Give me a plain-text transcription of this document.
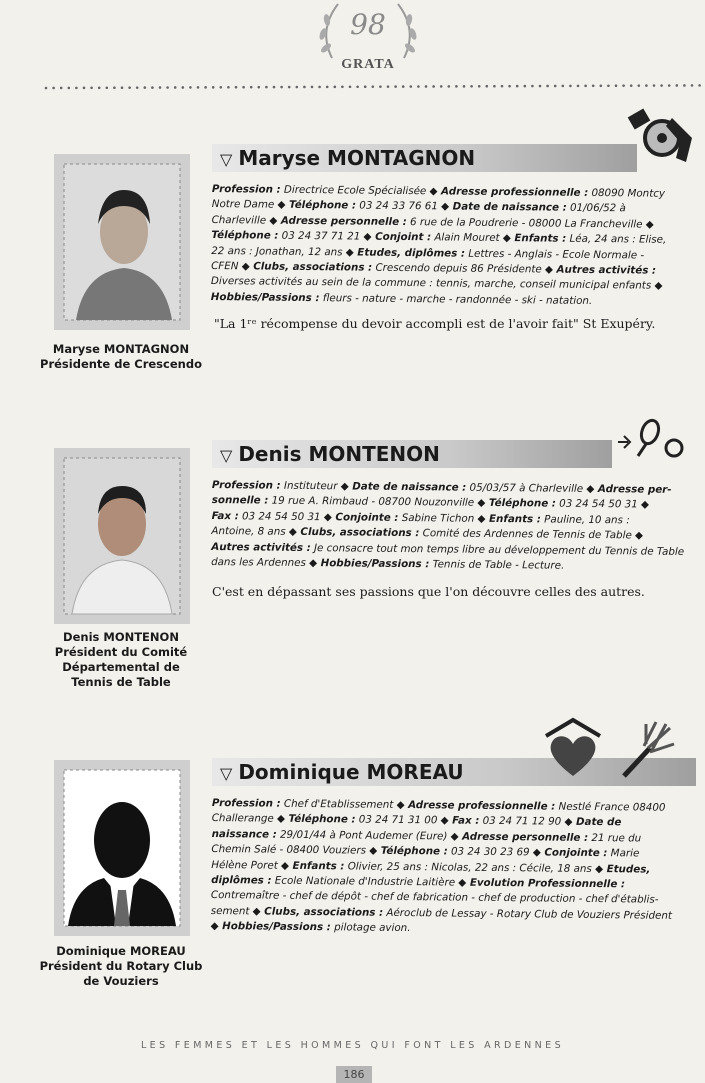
98
GRATA
Maryse MONTAGNON
Présidente de Crescendo
▽ Maryse MONTAGNON
Profession : Directrice Ecole Spécialisée ◆ Adresse professionnelle : 08090 Montcy
Notre Dame ◆ Téléphone : 03 24 33 76 61 ◆ Date de naissance : 01/06/52 à
Charleville ◆ Adresse personnelle : 6 rue de la Poudrerie - 08000 La Francheville ◆
Téléphone : 03 24 37 71 21 ◆ Conjoint : Alain Mouret ◆ Enfants : Léa, 24 ans : Elise,
22 ans : Jonathan, 12 ans ◆ Etudes, diplômes : Lettres - Anglais - Ecole Normale -
CFEN ◆ Clubs, associations : Crescendo depuis 86 Présidente ◆ Autres activités :
Diverses activités au sein de la commune : tennis, marche, conseil municipal enfants ◆
Hobbies/Passions : fleurs - nature - marche - randonnée - ski - natation.
"La 1ʳᵉ récompense du devoir accompli est de l'avoir fait" St Exupéry.
Denis MONTENON
Président du Comité
Départemental de
Tennis de Table
▽ Denis MONTENON
Profession : Instituteur ◆ Date de naissance : 05/03/57 à Charleville ◆ Adresse per-
sonnelle : 19 rue A. Rimbaud - 08700 Nouzonville ◆ Téléphone : 03 24 54 50 31 ◆
Fax : 03 24 54 50 31 ◆ Conjointe : Sabine Tichon ◆ Enfants : Pauline, 10 ans :
Antoine, 8 ans ◆ Clubs, associations : Comité des Ardennes de Tennis de Table ◆
Autres activités : Je consacre tout mon temps libre au développement du Tennis de Table
dans les Ardennes ◆ Hobbies/Passions : Tennis de Table - Lecture.
C'est en dépassant ses passions que l'on découvre celles des autres.
Dominique MOREAU
Président du Rotary Club
de Vouziers
▽ Dominique MOREAU
Profession : Chef d'Etablissement ◆ Adresse professionnelle : Nestlé France 08400
Challerange ◆ Téléphone : 03 24 71 31 00 ◆ Fax : 03 24 71 12 90 ◆ Date de
naissance : 29/01/44 à Pont Audemer (Eure) ◆ Adresse personnelle : 21 rue du
Chemin Salé - 08400 Vouziers ◆ Téléphone : 03 24 30 23 69 ◆ Conjointe : Marie
Hélène Poret ◆ Enfants : Olivier, 25 ans : Nicolas, 22 ans : Cécile, 18 ans ◆ Etudes,
diplômes : Ecole Nationale d'Industrie Laitière ◆ Evolution Professionnelle :
Contremaître - chef de dépôt - chef de fabrication - chef de production - chef d'établis-
sement ◆ Clubs, associations : Aéroclub de Lessay - Rotary Club de Vouziers Président
◆ Hobbies/Passions : pilotage avion.
LES FEMMES ET LES HOMMES QUI FONT LES ARDENNES
186
